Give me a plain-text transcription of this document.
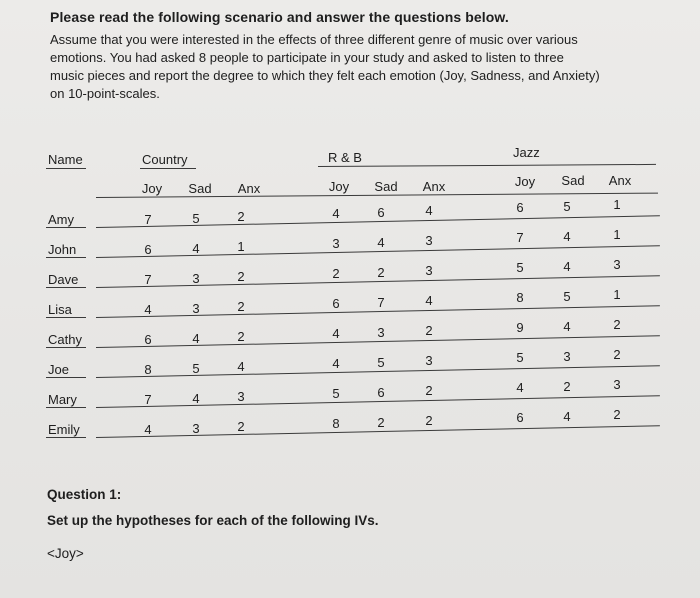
Please read the following scenario and answer the questions below.
Assume that you were interested in the effects of three different genre of music over various
emotions. You had asked 8 people to participate in your study and asked to listen to three
music pieces and report the degree to which they felt each emotion (Joy, Sadness, and Anxiety)
on 10-point-scales.
Name	Country	R & B	Jazz
Joy Sad Anx	Joy Sad Anx	Joy Sad Anx
Amy	7	5	2	4	6	4	6	5	1
John	6	4	1	3	4	3	7	4	1
Dave	7	3	2	2	2	3	5	4	3
Lisa	4	3	2	6	7	4	8	5	1
Cathy	6	4	2	4	3	2	9	4	2
Joe	8	5	4	4	5	3	5	3	2
Mary	7	4	3	5	6	2	4	2	3
Emily	4	3	2	8	2	2	6	4	2
Question 1:
Set up the hypotheses for each of the following IVs.
<Joy>
